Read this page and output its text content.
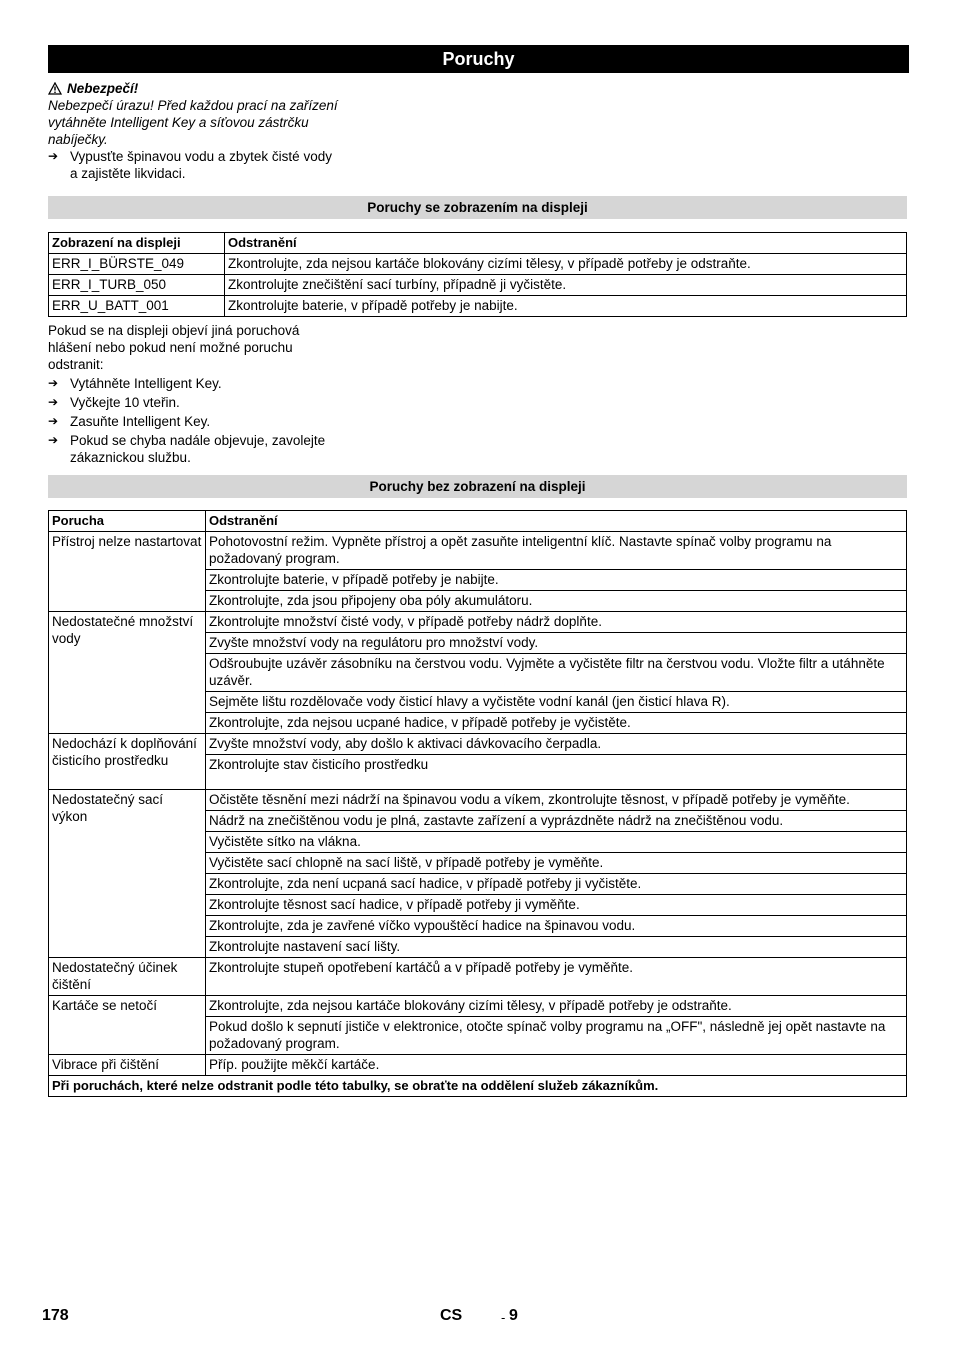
Poruchy
Nebezpečí!
Nebezpečí úrazu! Před každou prací na zařízení vytáhněte Intelligent Key a síťovou zástrčku nabíječky.
➔ Vypusťte špinavou vodu a zbytek čisté vody a zajistěte likvidaci.
Poruchy se zobrazením na displeji
Zobrazení na displeji	Odstranění
ERR_I_BÜRSTE_049	Zkontrolujte, zda nejsou kartáče blokovány cizími tělesy, v případě potřeby je odstraňte.
ERR_I_TURB_050	Zkontrolujte znečištění sací turbíny, případně ji vyčistěte.
ERR_U_BATT_001	Zkontrolujte baterie, v případě potřeby je nabijte.
Pokud se na displeji objeví jiná poruchová hlášení nebo pokud není možné poruchu odstranit:
➔ Vytáhněte Intelligent Key.
➔ Vyčkejte 10 vteřin.
➔ Zasuňte Intelligent Key.
➔ Pokud se chyba nadále objevuje, zavolejte zákaznickou službu.
Poruchy bez zobrazení na displeji
Porucha	Odstranění
Přístroj nelze nastartovat	Pohotovostní režim. Vypněte přístroj a opět zasuňte inteligentní klíč. Nastavte spínač volby programu na požadovaný program.
	Zkontrolujte baterie, v případě potřeby je nabijte.
	Zkontrolujte, zda jsou připojeny oba póly akumulátoru.
Nedostatečné množství vody	Zkontrolujte množství čisté vody, v případě potřeby nádrž doplňte.
	Zvyšte množství vody na regulátoru pro množství vody.
	Odšroubujte uzávěr zásobníku na čerstvou vodu. Vyjměte a vyčistěte filtr na čerstvou vodu. Vložte filtr a utáhněte uzávěr.
	Sejměte lištu rozdělovače vody čisticí hlavy a vyčistěte vodní kanál (jen čisticí hlava R).
	Zkontrolujte, zda nejsou ucpané hadice, v případě potřeby je vyčistěte.
Nedochází k doplňování čisticího prostředku	Zvyšte množství vody, aby došlo k aktivaci dávkovacího čerpadla.
	Zkontrolujte stav čisticího prostředku
Nedostatečný sací výkon	Očistěte těsnění mezi nádrží na špinavou vodu a víkem, zkontrolujte těsnost, v případě potřeby je vyměňte.
	Nádrž na znečištěnou vodu je plná, zastavte zařízení a vyprázdněte nádrž na znečištěnou vodu.
	Vyčistěte sítko na vlákna.
	Vyčistěte sací chlopně na sací liště, v případě potřeby je vyměňte.
	Zkontrolujte, zda není ucpaná sací hadice, v případě potřeby ji vyčistěte.
	Zkontrolujte těsnost sací hadice, v případě potřeby ji vyměňte.
	Zkontrolujte, zda je zavřené víčko vypouštěcí hadice na špinavou vodu.
	Zkontrolujte nastavení sací lišty.
Nedostatečný účinek čištění	Zkontrolujte stupeň opotřebení kartáčů a v případě potřeby je vyměňte.
Kartáče se netočí	Zkontrolujte, zda nejsou kartáče blokovány cizími tělesy, v případě potřeby je odstraňte.
	Pokud došlo k sepnutí jističe v elektronice, otočte spínač volby programu na „OFF", následně jej opět nastavte na požadovaný program.
Vibrace při čištění	Příp. použijte měkčí kartáče.
Při poruchách, které nelze odstranit podle této tabulky, se obraťte na oddělení služeb zákazníkům.	
178	CS	- 9
